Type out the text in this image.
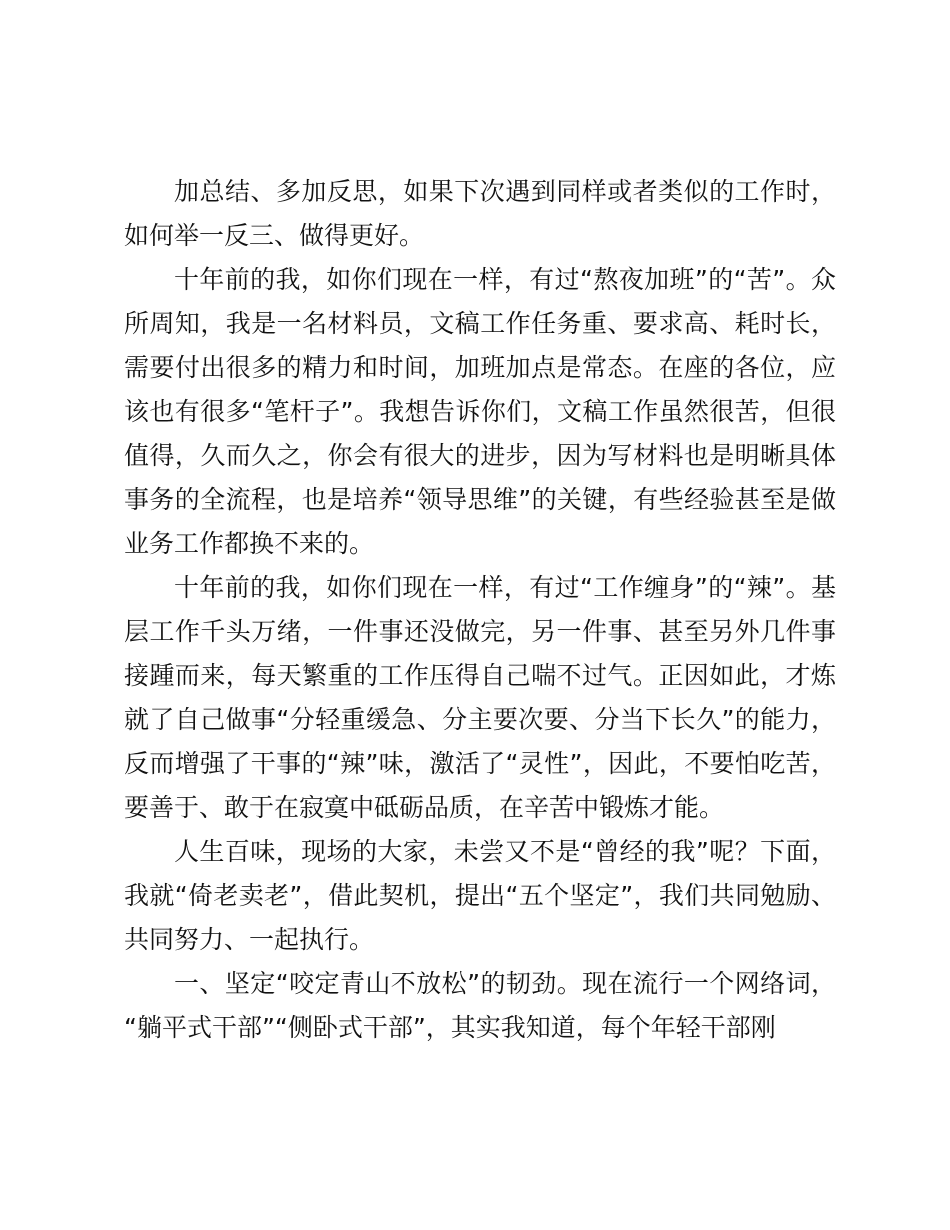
加总结、多加反思，如果下次遇到同样或者类似的工作时，
如何举一反三、做得更好。
十年前的我，如你们现在一样，有过“熬夜加班”的“苦”。众
所周知，我是一名材料员，文稿工作任务重、要求高、耗时长，
需要付出很多的精力和时间，加班加点是常态。在座的各位，应
该也有很多“笔杆子”。我想告诉你们，文稿工作虽然很苦，但很
值得，久而久之，你会有很大的进步，因为写材料也是明晰具体
事务的全流程，也是培养“领导思维”的关键，有些经验甚至是做
业务工作都换不来的。
十年前的我，如你们现在一样，有过“工作缠身”的“辣”。基
层工作千头万绪，一件事还没做完，另一件事、甚至另外几件事
接踵而来，每天繁重的工作压得自己喘不过气。正因如此，才炼
就了自己做事“分轻重缓急、分主要次要、分当下长久”的能力，
反而增强了干事的“辣”味，激活了“灵性”，因此，不要怕吃苦，
要善于、敢于在寂寞中砥砺品质，在辛苦中锻炼才能。
人生百味，现场的大家，未尝又不是“曾经的我”呢？下面，
我就“倚老卖老”，借此契机，提出“五个坚定”，我们共同勉励、
共同努力、一起执行。
一、坚定“咬定青山不放松”的韧劲。现在流行一个网络词，
“躺平式干部”“侧卧式干部”，其实我知道，每个年轻干部刚
